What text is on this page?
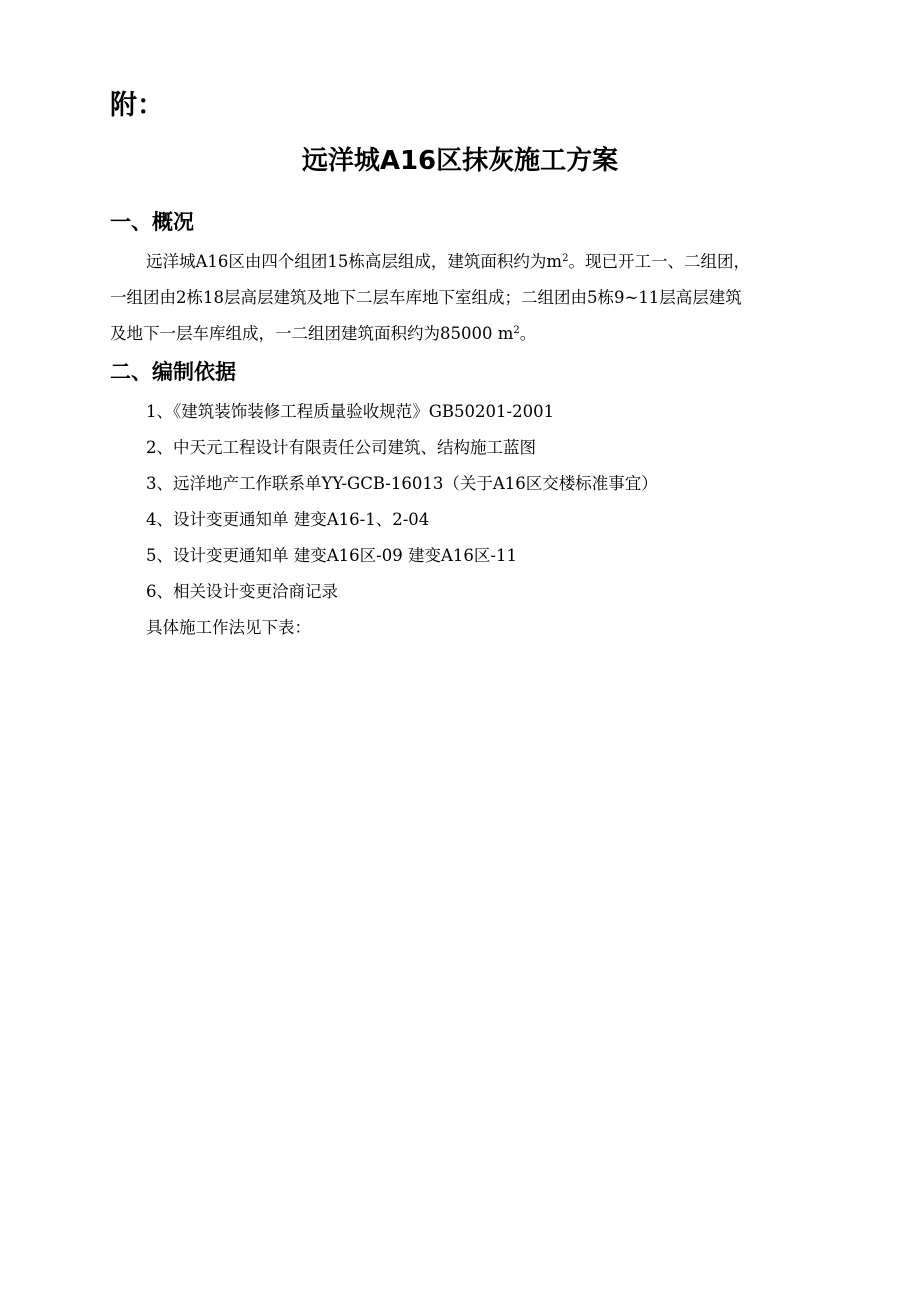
附：
远洋城A16区抹灰施工方案
一、概况
远洋城A16区由四个组团15栋高层组成，建筑面积约为$m^2$。现已开工一、二组团，
一组团由2栋18层高层建筑及地下二层车库地下室组成；二组团由5栋9~11层高层建筑
及地下一层车库组成，一二组团建筑面积约为85000 $m^2$。
二、编制依据
1、《建筑装饰装修工程质量验收规范》GB50201-2001
2、中天元工程设计有限责任公司建筑、结构施工蓝图
3、远洋地产工作联系单YY-GCB-16013（关于A16区交楼标准事宜）
4、设计变更通知单 建变A16-1、2-04
5、设计变更通知单 建变A16区-09 建变A16区-11
6、相关设计变更洽商记录
具体施工作法见下表：
